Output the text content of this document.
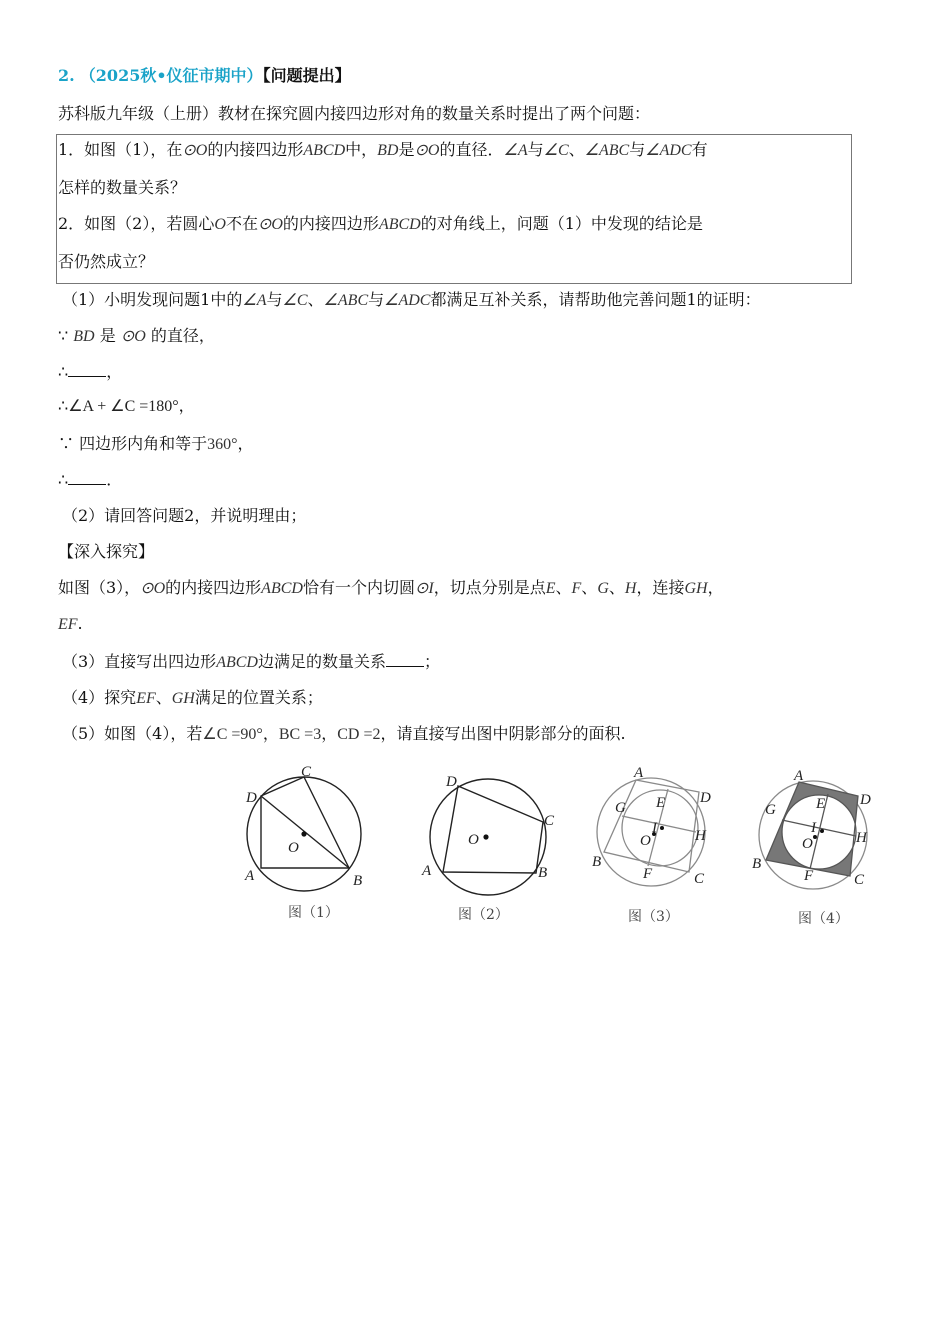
2. （2025秋•仪征市期中）【问题提出】
苏科版九年级（上册）教材在探究圆内接四边形对角的数量关系时提出了两个问题：
1．如图（1），在⊙O的内接四边形ABCD中，BD是⊙O的直径．∠A与∠C、∠ABC与∠ADC有
怎样的数量关系？
2．如图（2），若圆心O不在⊙O的内接四边形ABCD的对角线上，问题（1）中发现的结论是
否仍然成立？
（1）小明发现问题1中的∠A与∠C、∠ABC与∠ADC都满足互补关系，请帮助他完善问题1的证明：
∵ BD 是 ⊙O 的直径，
∴ ，
∴∠A + ∠C =180°，
∵ 四边形内角和等于360°，
∴ ．
（2）请回答问题2，并说明理由；
【深入探究】
如图（3），⊙O的内接四边形ABCD恰有一个内切圆⊙I，切点分别是点E、F、G、H，连接GH，
EF.
（3）直接写出四边形ABCD边满足的数量关系 ；
（4）探究EF、GH满足的位置关系；
（5）如图（4），若∠C =90°，BC =3，CD =2，请直接写出图中阴影部分的面积.
D
C
A	B
O
图（1）
D
C
A	B
O
图（2）
A
D
E
G
I
O	H
B
F	C
图（3）
A
D
E
G
I
O	H
B
F	C
图（4）
